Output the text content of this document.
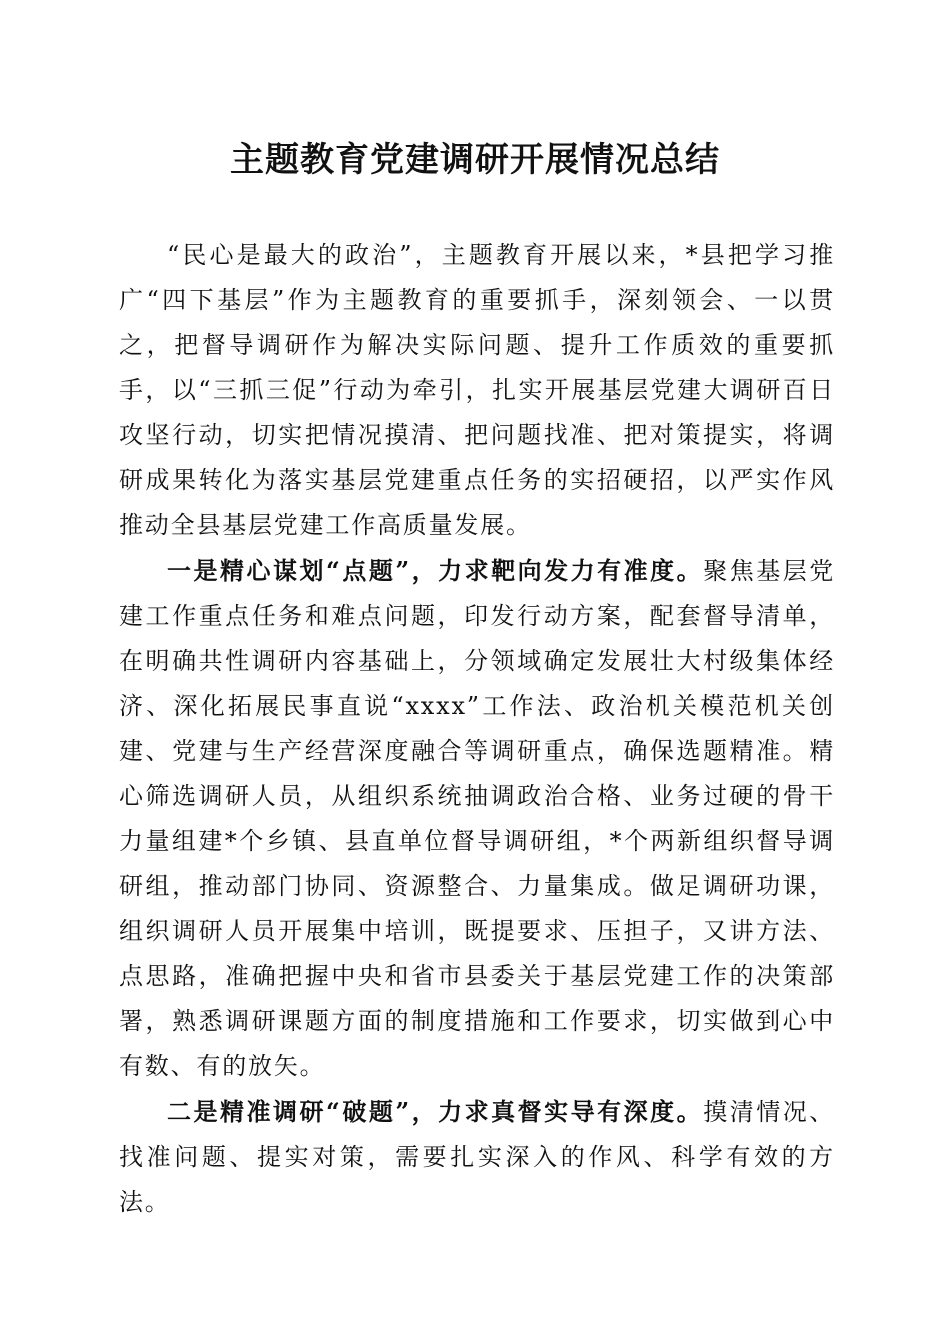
主题教育党建调研开展情况总结

“民心是最大的政治”，主题教育开展以来，*县把学习推广“四下基层”作为主题教育的重要抓手，深刻领会、一以贯之，把督导调研作为解决实际问题、提升工作质效的重要抓手，以“三抓三促”行动为牵引，扎实开展基层党建大调研百日攻坚行动，切实把情况摸清、把问题找准、把对策提实，将调研成果转化为落实基层党建重点任务的实招硬招，以严实作风推动全县基层党建工作高质量发展。

一是精心谋划“点题”，力求靶向发力有准度。聚焦基层党建工作重点任务和难点问题，印发行动方案，配套督导清单，在明确共性调研内容基础上，分领域确定发展壮大村级集体经济、深化拓展民事直说“xxxx”工作法、政治机关模范机关创建、党建与生产经营深度融合等调研重点，确保选题精准。精心筛选调研人员，从组织系统抽调政治合格、业务过硬的骨干力量组建*个乡镇、县直单位督导调研组，*个两新组织督导调研组，推动部门协同、资源整合、力量集成。做足调研功课，组织调研人员开展集中培训，既提要求、压担子，又讲方法、点思路，准确把握中央和省市县委关于基层党建工作的决策部署，熟悉调研课题方面的制度措施和工作要求，切实做到心中有数、有的放矢。

二是精准调研“破题”，力求真督实导有深度。摸清情况、找准问题、提实对策，需要扎实深入的作风、科学有效的方法。
